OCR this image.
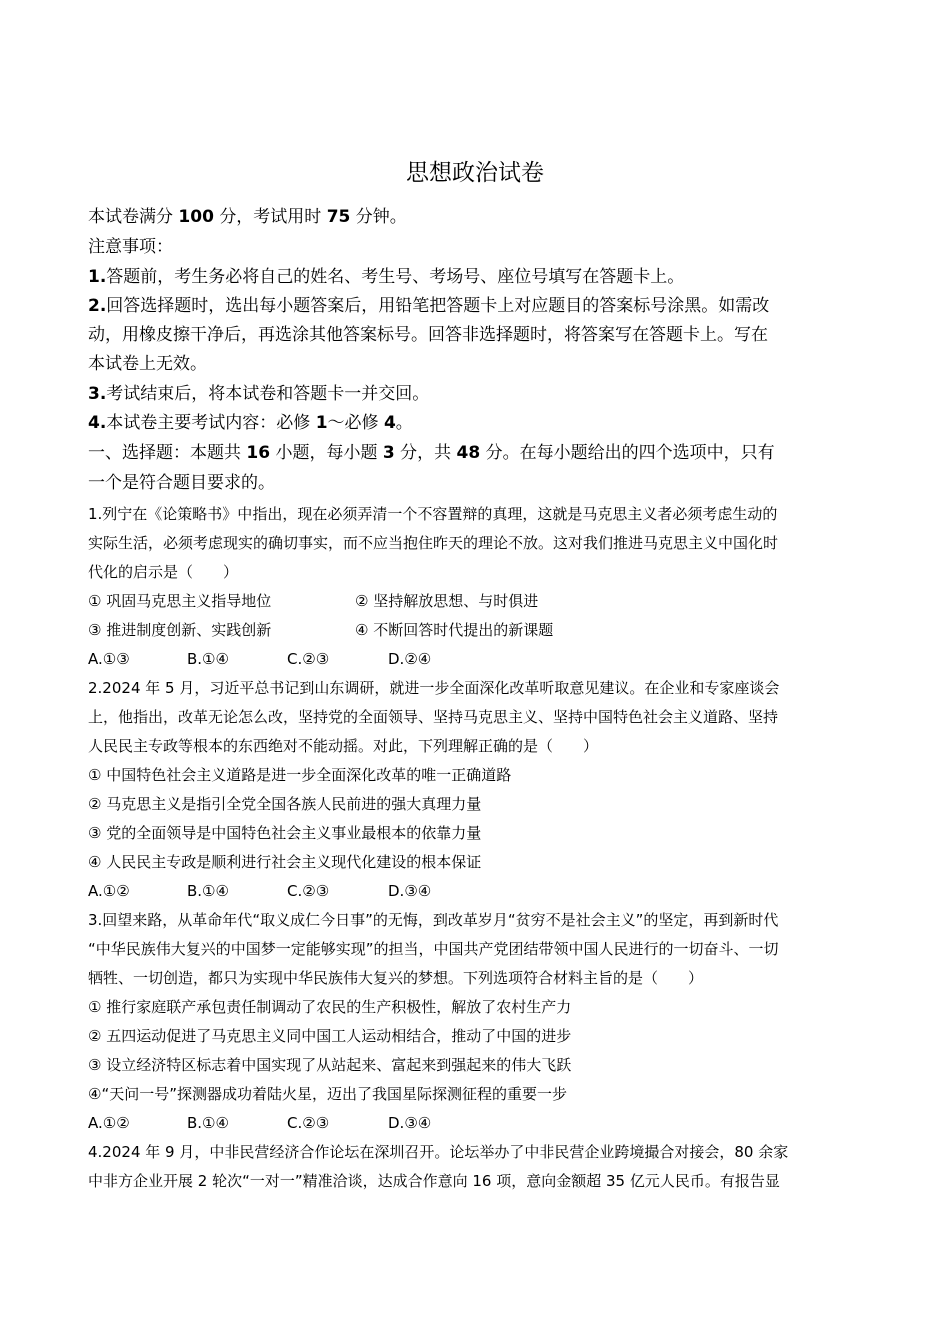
思想政治试卷
本试卷满分 100 分，考试用时 75 分钟。
注意事项：
1.答题前，考生务必将自己的姓名、考生号、考场号、座位号填写在答题卡上。
2.回答选择题时，选出每小题答案后，用铅笔把答题卡上对应题目的答案标号涂黑。如需改
动，用橡皮擦干净后，再选涂其他答案标号。回答非选择题时，将答案写在答题卡上。写在
本试卷上无效。
3.考试结束后，将本试卷和答题卡一并交回。
4.本试卷主要考试内容：必修 1～必修 4。
一、选择题：本题共 16 小题，每小题 3 分，共 48 分。在每小题给出的四个选项中，只有
一个是符合题目要求的。
1.列宁在《论策略书》中指出，现在必须弄清一个不容置辩的真理，这就是马克思主义者必须考虑生动的
实际生活，必须考虑现实的确切事实，而不应当抱住昨天的理论不放。这对我们推进马克思主义中国化时
代化的启示是（　　）
① 巩固马克思主义指导地位	② 坚持解放思想、与时俱进
③ 推进制度创新、实践创新	④ 不断回答时代提出的新课题
A.①③	B.①④	C.②③	D.②④
2.2024 年 5 月，习近平总书记到山东调研，就进一步全面深化改革听取意见建议。在企业和专家座谈会
上，他指出，改革无论怎么改，坚持党的全面领导、坚持马克思主义、坚持中国特色社会主义道路、坚持
人民民主专政等根本的东西绝对不能动摇。对此，下列理解正确的是（　　）
① 中国特色社会主义道路是进一步全面深化改革的唯一正确道路
② 马克思主义是指引全党全国各族人民前进的强大真理力量
③ 党的全面领导是中国特色社会主义事业最根本的依靠力量
④ 人民民主专政是顺利进行社会主义现代化建设的根本保证
A.①②	B.①④	C.②③	D.③④
3.回望来路，从革命年代“取义成仁今日事”的无悔，到改革岁月“贫穷不是社会主义”的坚定，再到新时代
“中华民族伟大复兴的中国梦一定能够实现”的担当，中国共产党团结带领中国人民进行的一切奋斗、一切
牺牲、一切创造，都只为实现中华民族伟大复兴的梦想。下列选项符合材料主旨的是（　　）
① 推行家庭联产承包责任制调动了农民的生产积极性，解放了农村生产力
② 五四运动促进了马克思主义同中国工人运动相结合，推动了中国的进步
③ 设立经济特区标志着中国实现了从站起来、富起来到强起来的伟大飞跃
④“天问一号”探测器成功着陆火星，迈出了我国星际探测征程的重要一步
A.①②	B.①④	C.②③	D.③④
4.2024 年 9 月，中非民营经济合作论坛在深圳召开。论坛举办了中非民营企业跨境撮合对接会，80 余家
中非方企业开展 2 轮次“一对一”精准洽谈，达成合作意向 16 项，意向金额超 35 亿元人民币。有报告显
